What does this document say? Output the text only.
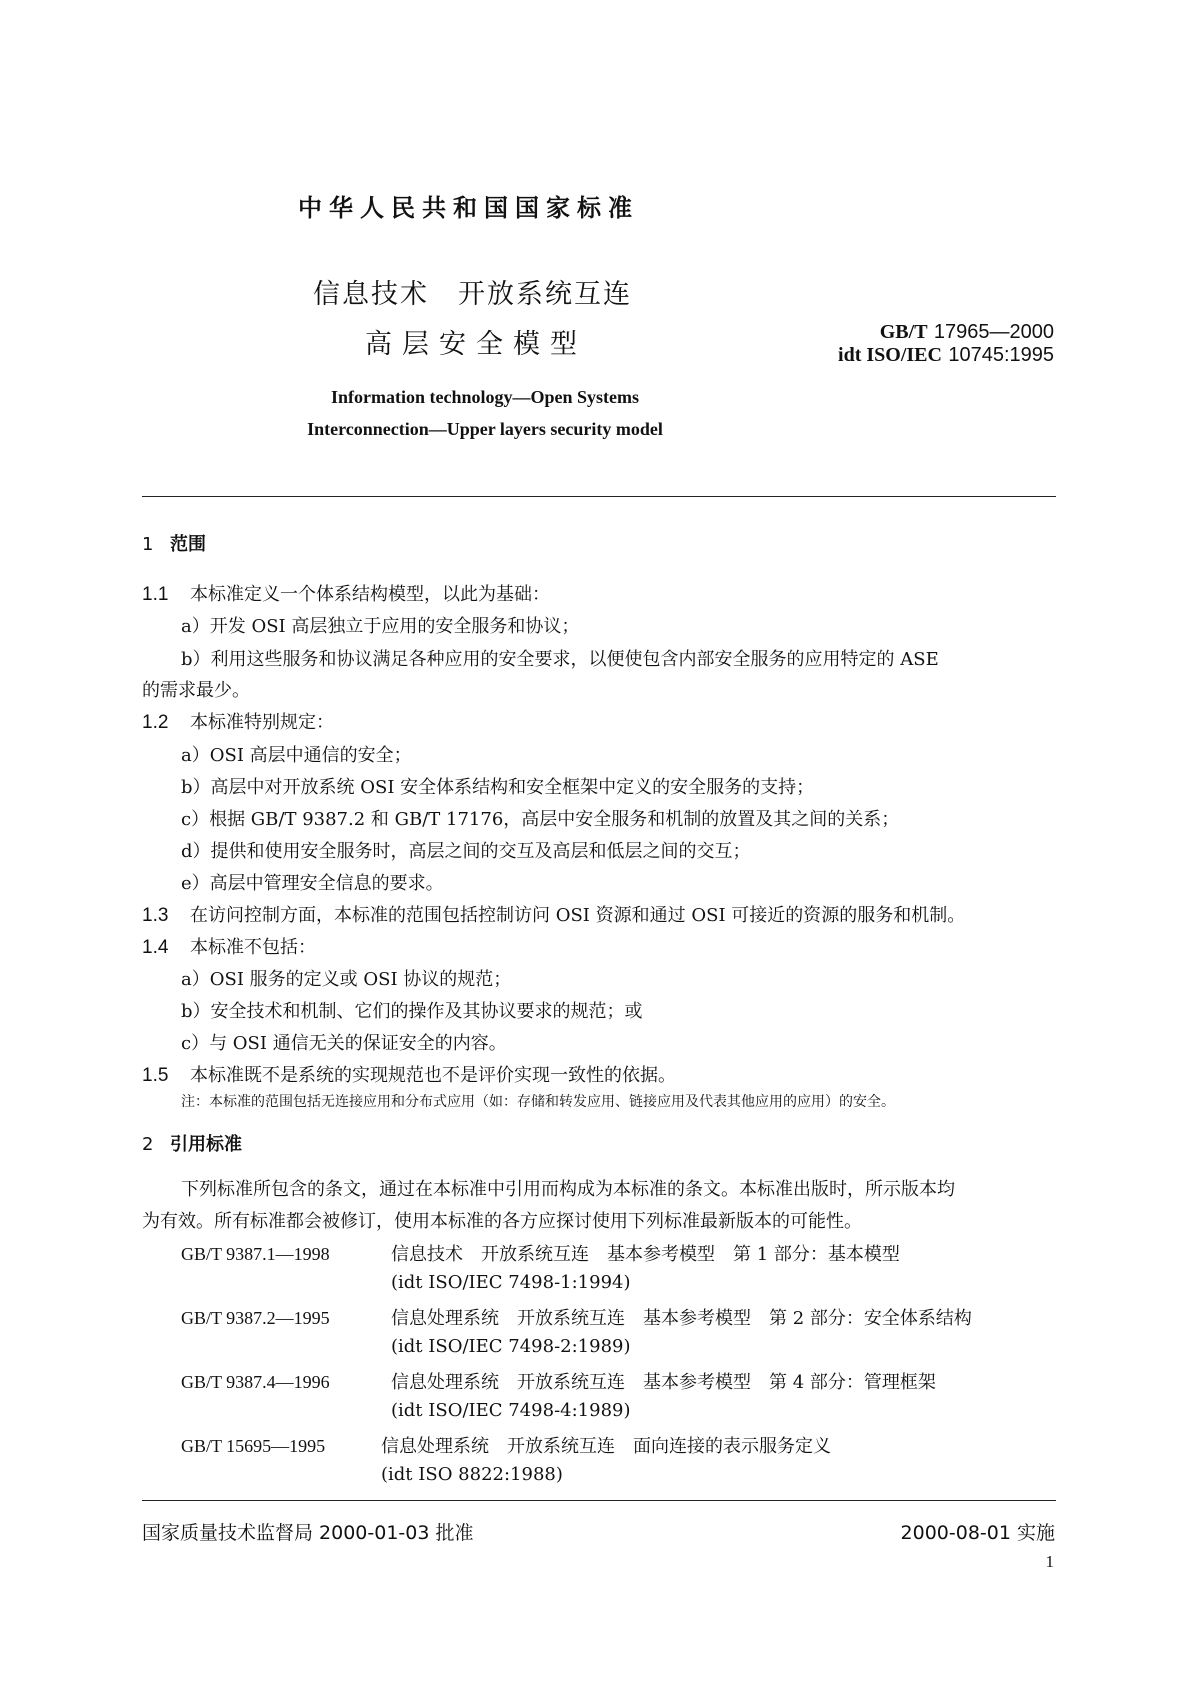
中华人民共和国国家标准
信息技术　开放系统互连
高层安全模型	GB/T 17965—2000
idt ISO/IEC 10745:1995
Information technology—Open Systems
Interconnection—Upper layers security model
1 范围
1.1 本标准定义一个体系结构模型，以此为基础：
a）开发 OSI 高层独立于应用的安全服务和协议；
b）利用这些服务和协议满足各种应用的安全要求，以便使包含内部安全服务的应用特定的 ASE
的需求最少。
1.2 本标准特别规定：
a）OSI 高层中通信的安全；
b）高层中对开放系统 OSI 安全体系结构和安全框架中定义的安全服务的支持；
c）根据 GB/T 9387.2 和 GB/T 17176，高层中安全服务和机制的放置及其之间的关系；
d）提供和使用安全服务时，高层之间的交互及高层和低层之间的交互；
e）高层中管理安全信息的要求。
1.3 在访问控制方面，本标准的范围包括控制访问 OSI 资源和通过 OSI 可接近的资源的服务和机制。
1.4 本标准不包括：
a）OSI 服务的定义或 OSI 协议的规范；
b）安全技术和机制、它们的操作及其协议要求的规范；或
c）与 OSI 通信无关的保证安全的内容。
1.5 本标准既不是系统的实现规范也不是评价实现一致性的依据。
注：本标准的范围包括无连接应用和分布式应用（如：存储和转发应用、链接应用及代表其他应用的应用）的安全。
2 引用标准
下列标准所包含的条文，通过在本标准中引用而构成为本标准的条文。本标准出版时，所示版本均
为有效。所有标准都会被修订，使用本标准的各方应探讨使用下列标准最新版本的可能性。
GB/T 9387.1—1998	信息技术　开放系统互连　基本参考模型　第 1 部分：基本模型
(idt ISO/IEC 7498-1:1994)
GB/T 9387.2—1995	信息处理系统　开放系统互连　基本参考模型　第 2 部分：安全体系结构
(idt ISO/IEC 7498-2:1989)
GB/T 9387.4—1996	信息处理系统　开放系统互连　基本参考模型　第 4 部分：管理框架
(idt ISO/IEC 7498-4:1989)
GB/T 15695—1995	信息处理系统　开放系统互连　面向连接的表示服务定义
(idt ISO 8822:1988)
国家质量技术监督局 2000-01-03 批准	2000-08-01 实施
1
